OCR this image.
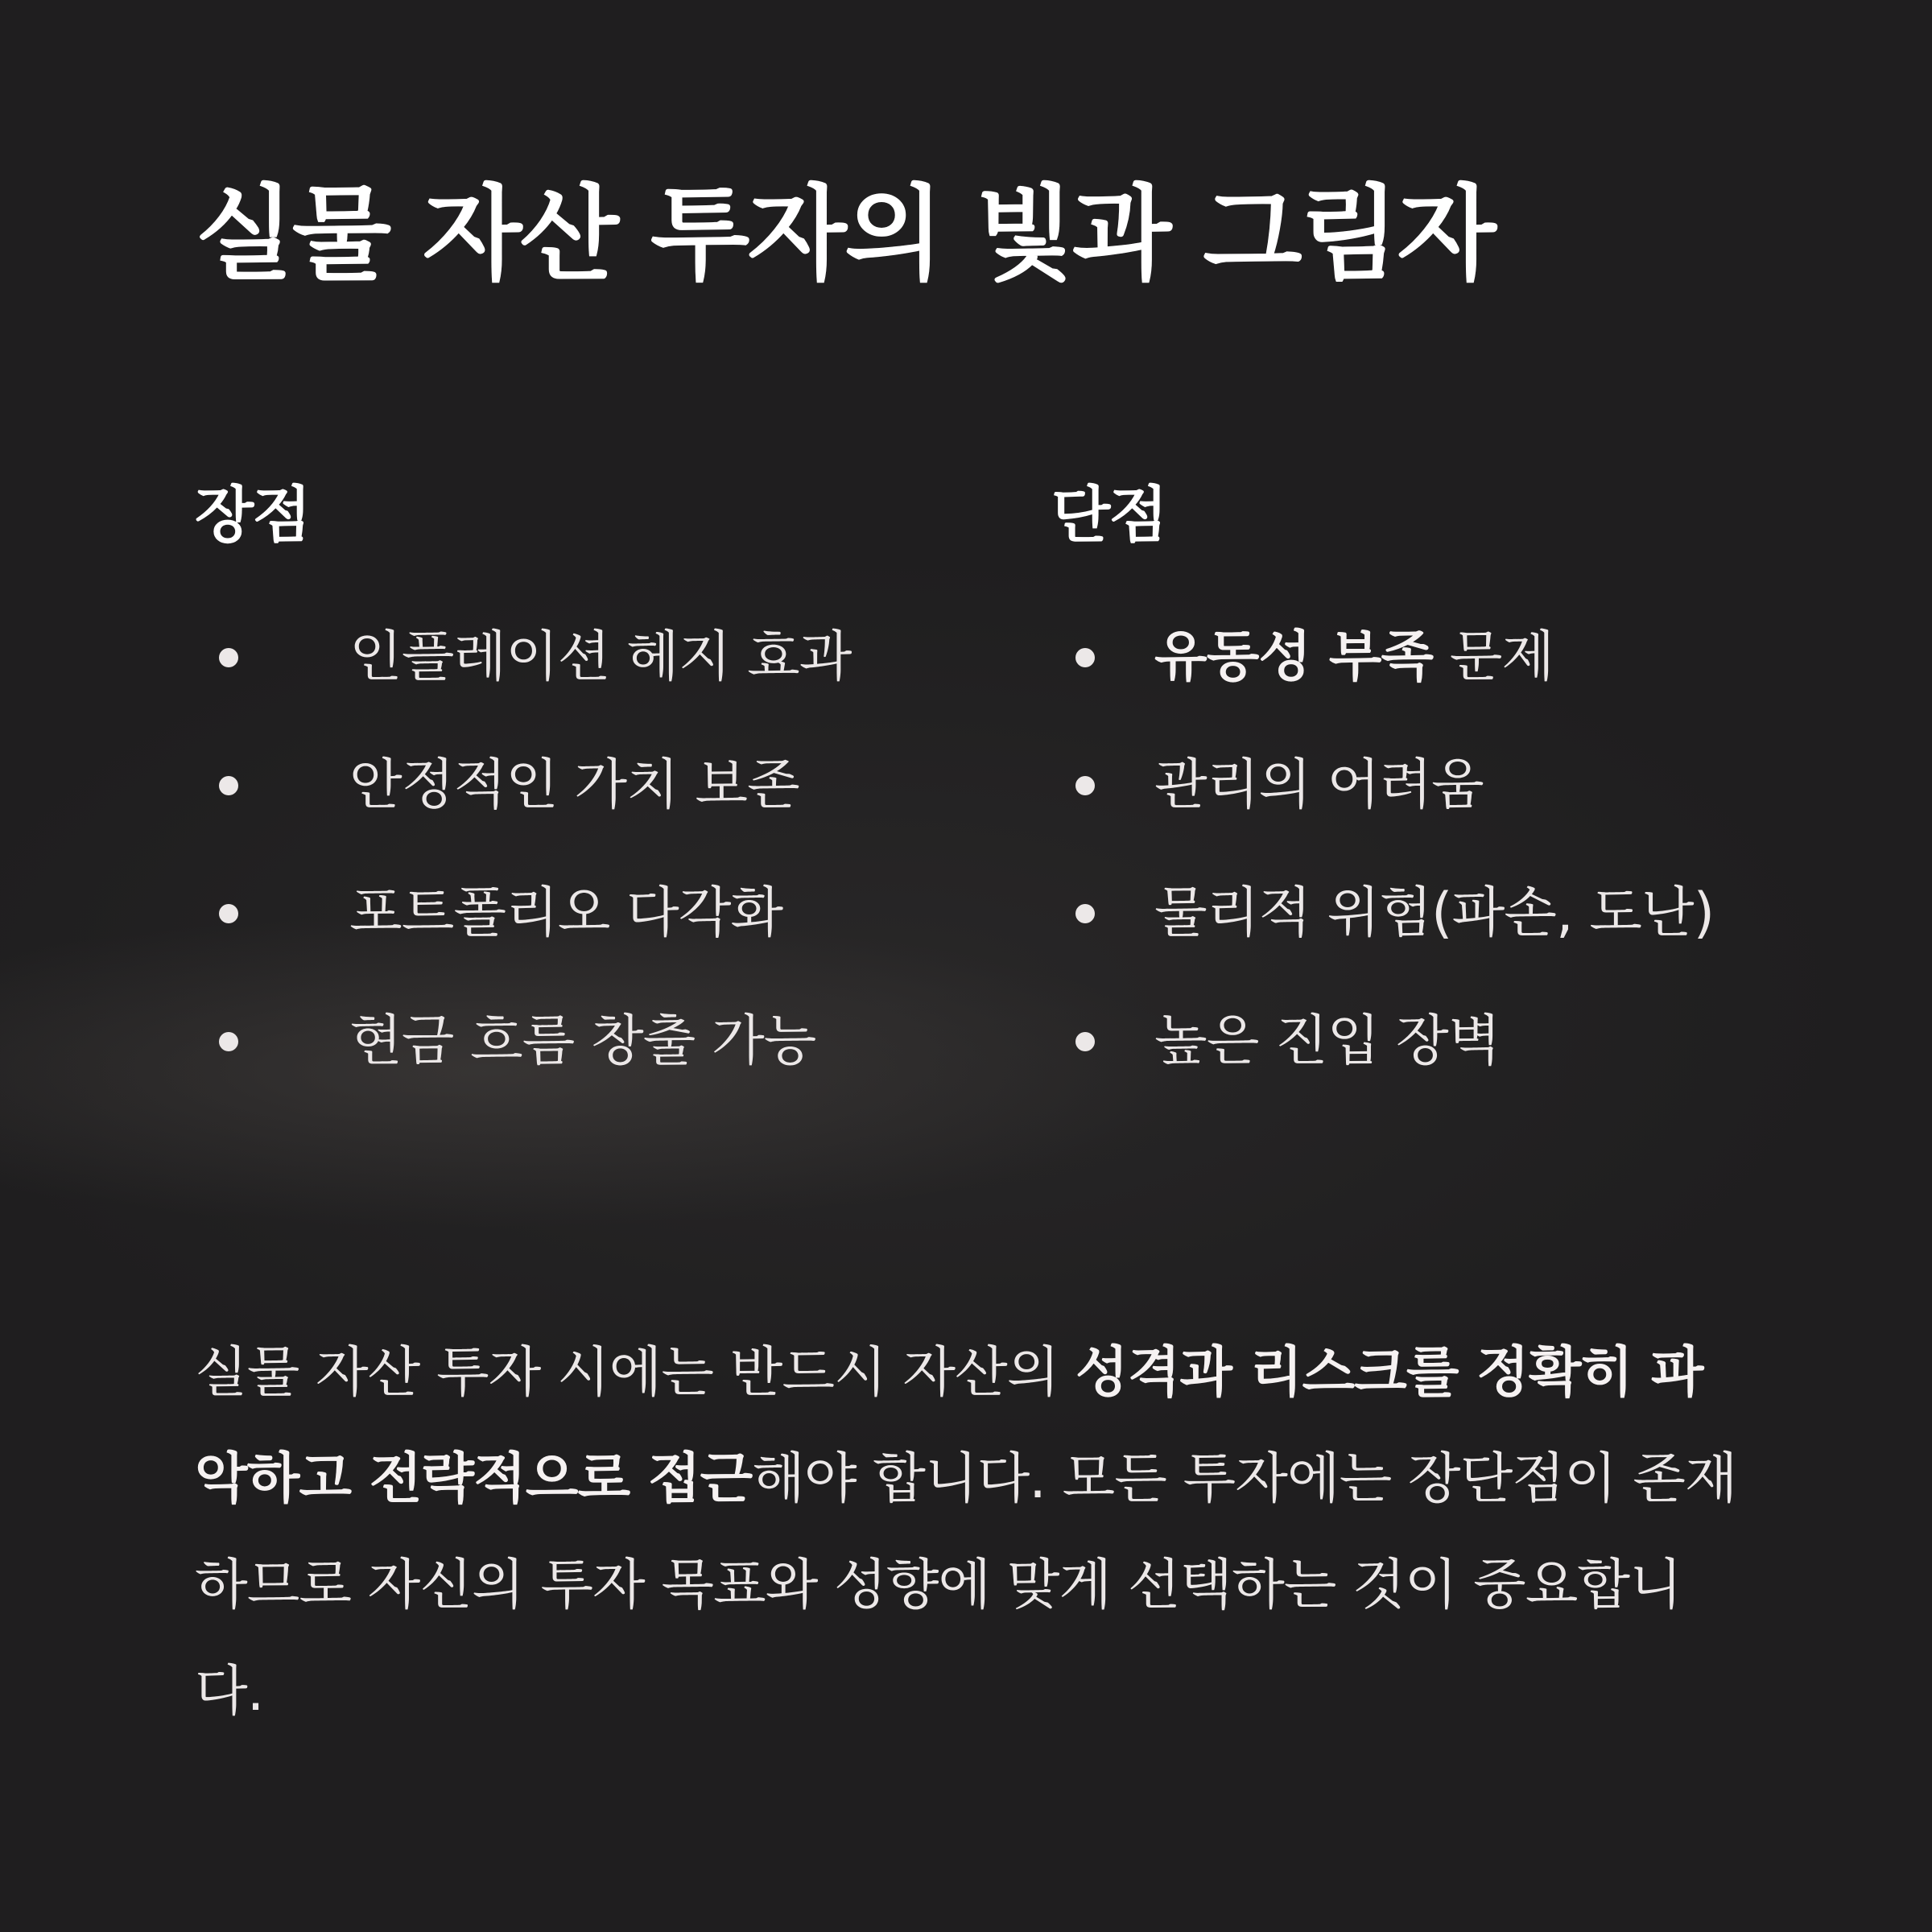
실물 자산 투자의 빛과 그림자
장점
인플레이션 헤지 효과
안정적인 가치 보존
포트폴리오 다각화
현금 흐름 창출 가능
단점
유동성 부족 문제
관리의 어려움
물리적 위험(파손, 도난)
높은 진입 장벽

실물 자산 투자 시에는 반드시 자산의 성격과 리스크를 정확히 파악하고 전략적으로 접근해야 합니다. 모든 투자에는 장단점이 존재하므로 자신의 투자 목표와 성향에 맞게 선택하는 것이 중요합니다.
